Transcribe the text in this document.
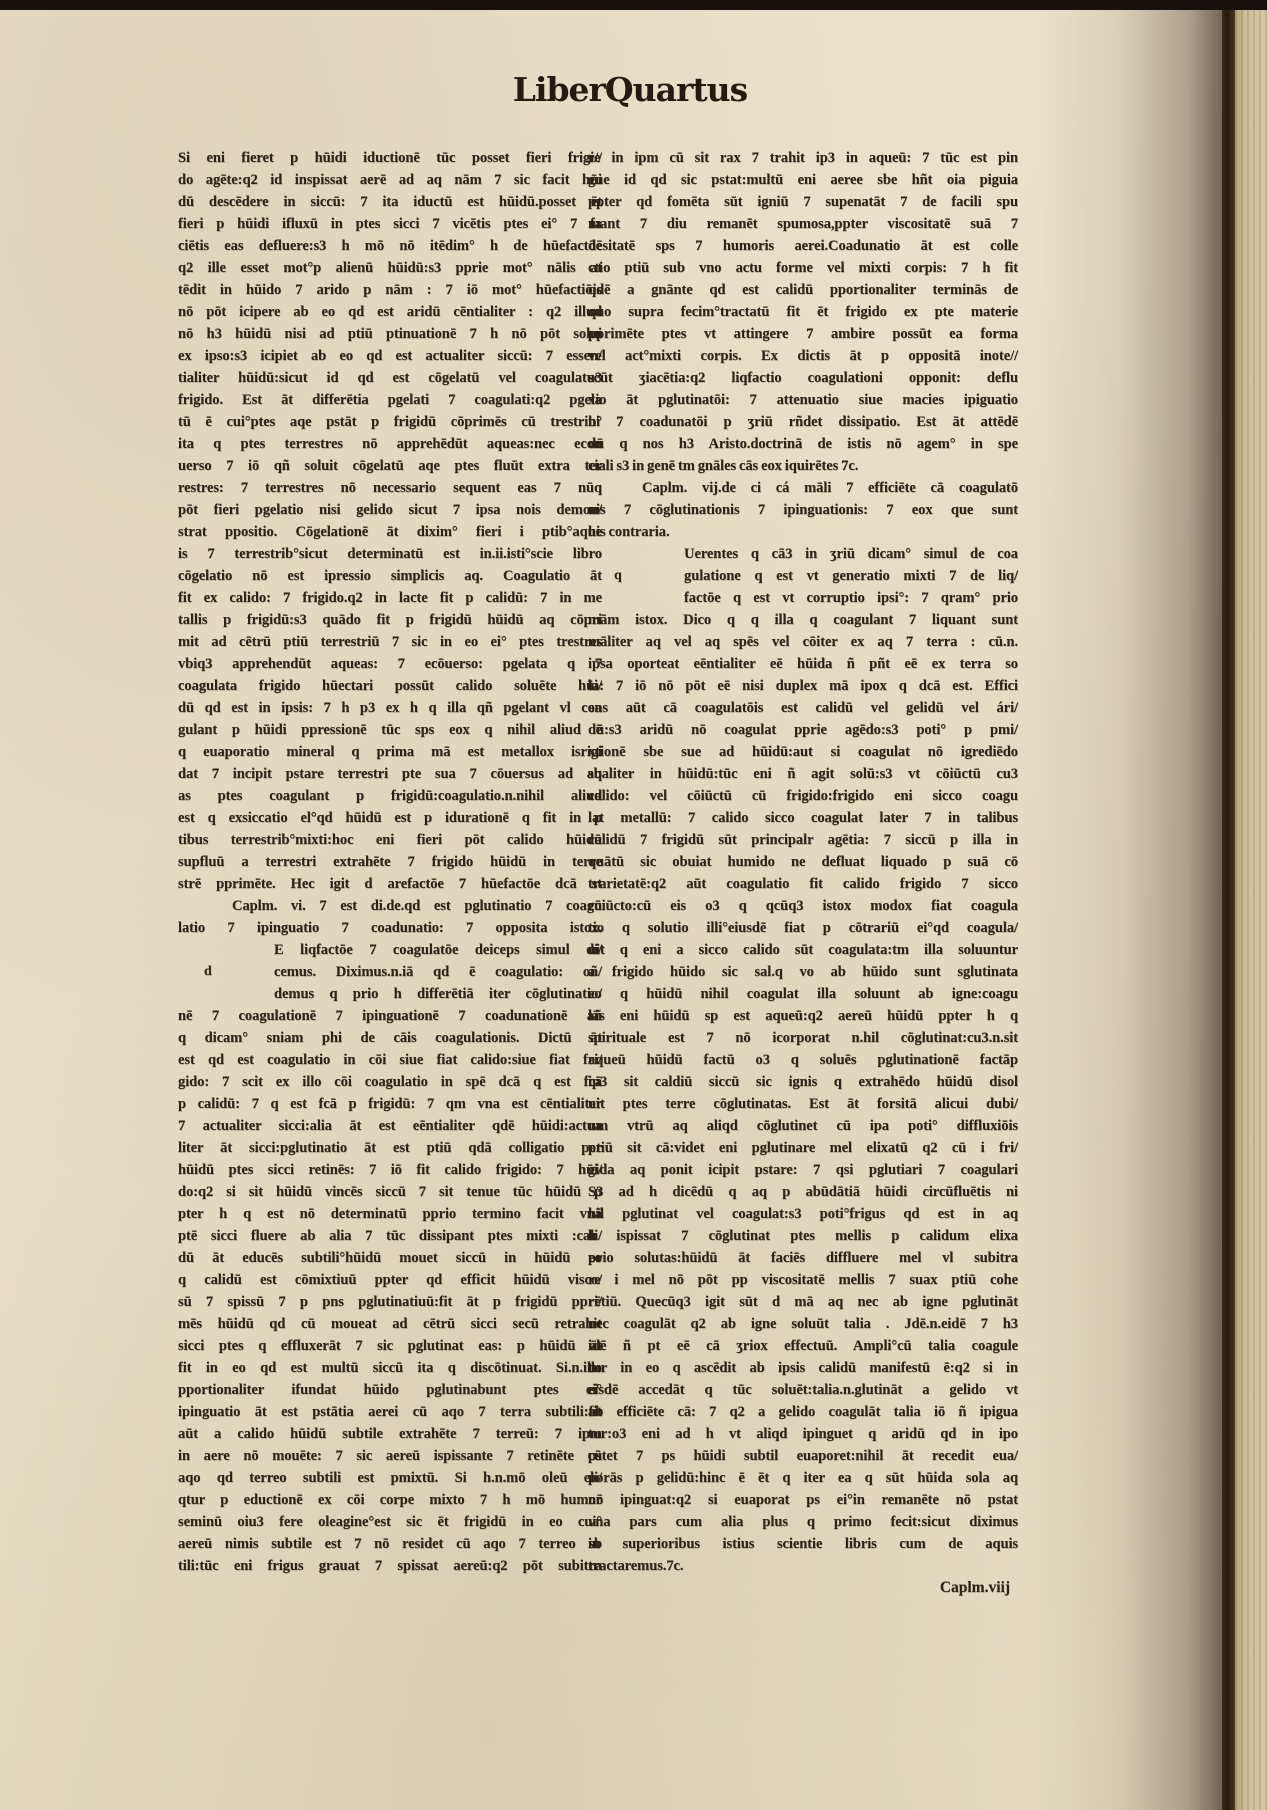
LiberQuartus
Si eni fieret p hūidi iductionē tūc posset fieri frigi//
do agēte:q2 id inspissat aerē ad aq nām 7 sic facit hūi
dū descēdere in siccū: 7 ita iductū est hūidū.posset ēt
fieri p hūidi ifluxū in ptes sicci 7 vicētis ptes ei° 7 fa
ciētis eas defluere:s3 h mō nō itēdim° h de hūefactōe
q2 ille esset mot°p alienū hūidū:s3 pprie mot° nālis at
tēdit in hūido 7 arido p nām : 7 iō mot° hūefactiōis
nō pōt icipere ab eo qd est aridū cēntialiter : q2 illud
nō h3 hūidū nisi ad ptiū ptinuationē 7 h nō pōt solui
ex ipso:s3 icipiet ab eo qd est actualiter siccū: 7 essen/
tialiter hūidū:sicut id qd est cōgelatū vel coagulatu3
frigido. Est āt differētia pgelati 7 coagulati:q2 pgela
tū ē cui°ptes aqe pstāt p frigidū cōprimēs cū trestrib°
ita q ptes terrestres nō apprehēdūt aqueas:nec econ
uerso 7 iō qñ soluit cōgelatū aqe ptes fluūt extra ter
restres: 7 terrestres nō necessario sequent eas 7 nūq
pōt fieri pgelatio nisi gelido sicut 7 ipsa nois demon/
strat ppositio. Cōgelationē āt dixim° fieri i ptib°aque
is 7 terrestrib°sicut determinatū est in.ii.isti°scie libro
cōgelatio nō est ipressio simplicis aq. Coagulatio āt
fit ex calido: 7 frigido.q2 in lacte fit p calidū: 7 in me
tallis p frigidū:s3 quādo fit p frigidū hūidū aq cōpri
mit ad cētrū ptiū terrestriū 7 sic in eo ei° ptes trestres
vbiq3 apprehendūt aqueas: 7 ecōuerso: pgelata q 7
coagulata frigido hūectari possūt calido soluēte hūi/
dū qd est in ipsis: 7 h p3 ex h q illa qñ pgelant vl coa
gulant p hūidi ppressionē tūc sps eox q nihil aliud ē
q euaporatio mineral q prima mā est metallox isrigi
dat 7 incipit pstare terrestri pte sua 7 cōuersus ad aq
as ptes coagulant p frigidū:coagulatio.n.nihil aliud
est q exsiccatio el°qd hūidū est p idurationē q fit in p
tibus terrestrib°mixti:hoc eni fieri pōt calido hūidū
supfluū a terrestri extrahēte 7 frigido hūidū in terre
strē pprimēte. Hec igit d arefactōe 7 hūefactōe dcā st
Caplm. vi. 7 est di.de.qd est pglutinatio 7 coagu
latio 7 ipinguatio 7 coadunatio: 7 opposita istox.
E liqfactōe 7 coagulatōe deiceps simul di/
d	cemus. Diximus.n.iā qd ē coagulatio: oñ/
demus q prio h differētiā iter cōglutinatio/
nē 7 coagulationē 7 ipinguationē 7 coadunationē añ
q dicam° sniam phi de cāis coagulationis. Dictū āt
est qd est coagulatio in cōi siue fiat calido:siue fiat fri/
gido: 7 scit ex illo cōi coagulatio in spē dcā q est fcā
p calidū: 7 q est fcā p frigidū: 7 qm vna est cēntialiter
7 actualiter sicci:alia āt est eēntialiter qdē hūidi:actua
liter āt sicci:pglutinatio āt est ptiū qdā colligatio per
hūidū ptes sicci retinēs: 7 iō fit calido frigido: 7 hūi/
do:q2 si sit hūidū vincēs siccū 7 sit tenue tūc hūidū p
pter h q est nō determinatū pprio termino facit vnā
ptē sicci fluere ab alia 7 tūc dissipant ptes mixti :cali/
dū āt educēs subtili°hūidū mouet siccū in hūidū eo
q calidū est cōmixtiuū ppter qd efficit hūidū visco/
sū 7 spissū 7 p pns pglutinatiuū:fit āt p frigidū ppri/
mēs hūidū qd cū moueat ad cētrū sicci secū retrahit
sicci ptes q effluxerāt 7 sic pglutinat eas: p hūidū āt
fit in eo qd est multū siccū ita q discōtinuat. Si.n.illo
pportionaliter ifundat hūido pglutinabunt ptes ei°
ipinguatio āt est pstātia aerei cū aqo 7 terra subtili:fit
aūt a calido hūidū subtile extrahēte 7 terreū: 7 ipm
in aere nō mouēte: 7 sic aereū ispissante 7 retinēte cū
aqo qd terreo subtili est pmixtū. Si h.n.mō oleū eli/
qtur p eductionē ex cōi corpe mixto 7 h mō humor
seminū oiu3 fere oleagine°est sic ēt frigidū in eo cui°
aereū nimis subtile est 7 nō residet cū aqo 7 terreo sb
tili:tūc eni frigus grauat 7 spissat aereū:q2 pōt subitra
re in ipm cū sit rax 7 trahit ip3 in aqueū: 7 tūc est pin
gue id qd sic pstat:multū eni aeree sbe hñt oia piguia
ppter qd fomēta sūt igniū 7 supenatāt 7 de facili spu
mant 7 diu remanēt spumosa,ppter viscositatē suā 7
dēsitatē sps 7 humoris aerei.Coadunatio āt est colle
ctio ptiū sub vno actu forme vel mixti corpis: 7 h fit
qdē a gnānte qd est calidū pportionaliter terminās de
quo supra fecim°tractatū fit ēt frigido ex pte materie
pprimēte ptes vt attingere 7 ambire possūt ea forma
vel act°mixti corpis. Ex dictis āt p oppositā inote//
scūt ʒiacētia:q2 liqfactio coagulationi opponit: deflu
xio āt pglutinatōi: 7 attenuatio siue macies ipiguatio
ni 7 coadunatōi p ʒriū rñdet dissipatio. Est āt attēdē
dū q nos h3 Aristo.doctrinā de istis nō agem° in spe
ciali s3 in genē tm gnāles cās eox iquirētes 7c.
Caplm. vij.de ci cá māli 7 efficiēte cā coagulatō
nis 7 cōglutinationis 7 ipinguationis: 7 eox que sunt
his contraria.
Uerentes q cā3 in ʒriū dicam° simul de coa
q	gulatione q est vt generatio mixti 7 de liq/
factōe q est vt corruptio ipsi°: 7 qram° prio
mām istox. Dico q q illa q coagulant 7 liquant sunt
māliter aq vel aq spēs vel cōiter ex aq 7 terra : cū.n.
ipsa oporteat eēntialiter eē hūida ñ pñt eē ex terra so
la: 7 iō nō pōt eē nisi duplex mā ipox q dcā est. Effici
ens aūt cā coagulatōis est calidū vel gelidū vel ári/
dū:s3 aridū nō coagulat pprie agēdo:s3 poti° p pmi/
xtionē sbe sue ad hūidū:aut si coagulat nō igrediēdo
sbaliter in hūidū:tūc eni ñ agit solū:s3 vt cōiūctū cu3
calido: vel cōiūctū cū frigido:frigido eni sicco coagu
lat metallū: 7 calido sicco coagulat later 7 in talibus
calidū 7 frigidū sūt principalr agētia: 7 siccū p illa in
quātū sic obuiat humido ne defluat liquado p suā cō
trarietatē:q2 aūt coagulatio fit calido frigido 7 sicco
cōiūcto:cū eis o3 q qcūq3 istox modox fiat coagula
tio q solutio illi°eiusdē fiat p cōtrariū ei°qd coagula/
uit q eni a sicco calido sūt coagulata:tm illa soluuntur
a frigido hūido sic sal.q vo ab hūido sunt sglutinata
eo q hūidū nihil coagulat illa soluunt ab igne:coagu
lās eni hūidū sp est aqueū:q2 aereū hūidū ppter h q
spirituale est 7 nō icorporat n.hil cōglutinat:cu3.n.sit
aqueū hūidū factū o3 q soluēs pglutinationē factāp
ip3 sit caldiū siccū sic ignis q extrahēdo hūidū disol
uit ptes terre cōglutinatas. Est āt forsitā alicui dubi/
um vtrū aq aliqd cōglutinet cū ipa poti° diffluxiōis
ptiū sit cā:videt eni pglutinare mel elixatū q2 cū i fri/
gida aq ponit icipit pstare: 7 qsi pglutiari 7 coagulari
S3 ad h dicēdū q aq p abūdātiā hūidi circūfluētis ni
hil pglutinat vel coagulat:s3 poti°frigus qd est in aq
h ispissat 7 cōglutinat ptes mellis p calidum elixa
prio solutas:hūidū āt faciēs diffluere mel vl subitra
re i mel nō pōt pp viscositatē mellis 7 suax ptiū cohe
rētiū. Quecūq3 igit sūt d mā aq nec ab igne pglutināt
nec coagulāt q2 ab igne soluūt talia . Jdē.n.eidē 7 h3
idē ñ pt eē cā ʒriox effectuū. Ampli°cū talia coagule
tur in eo q ascēdit ab ipsis calidū manifestū ē:q2 si in
eisdē accedāt q tūc soluēt:talia.n.glutināt a gelido vt
ab efficiēte cā: 7 q2 a gelido coagulāt talia iō ñ ipigua
tur:o3 eni ad h vt aliqd ipinguet q aridū qd in ipo
pstet 7 ps hūidi subtil euaporet:nihil āt recedit eua/
porās p gelidū:hinc ē ēt q iter ea q sūt hūida sola aq
nō ipinguat:q2 si euaporat ps ei°in remanēte nō pstat
vna pars cum alia plus q primo fecit:sicut diximus
in superioribus istius scientie libris cum de aquis
tractaremus.7c.
Caplm.viij
